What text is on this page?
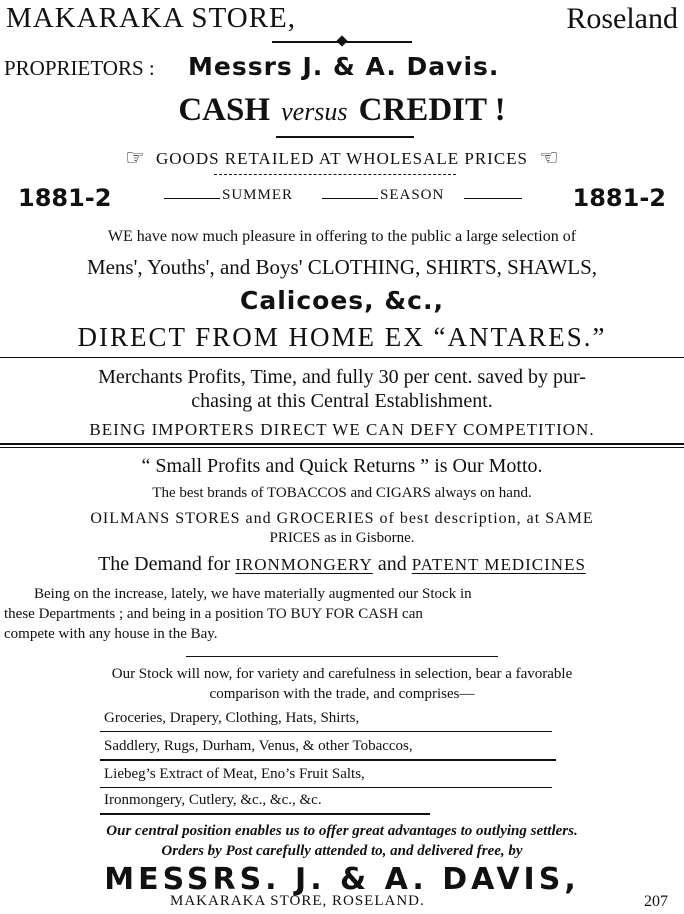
MAKARAKA STORE,	Roseland
PROPRIETORS : Messrs J. & A. Davis.
CASH versus CREDIT !
☞ GOODS RETAILED AT WHOLESALE PRICES ☜
1881-2	SUMMER	SEASON	1881-2
WE have now much pleasure in offering to the public a large selection of
Mens', Youths', and Boys' CLOTHING, SHIRTS, SHAWLS,
Calicoes, &c.,
DIRECT FROM HOME EX “ANTARES.”
Merchants Profits, Time, and fully 30 per cent. saved by pur-
chasing at this Central Establishment.
BEING IMPORTERS DIRECT WE CAN DEFY COMPETITION.
“ Small Profits and Quick Returns ” is Our Motto.
The best brands of TOBACCOS and CIGARS always on hand.
OILMANS STORES and GROCERIES of best description, at SAME
PRICES as in Gisborne.
The Demand for IRONMONGERY and PATENT MEDICINES
Being on the increase, lately, we have materially augmented our Stock in
these Departments ; and being in a position TO BUY FOR CASH can
compete with any house in the Bay.
Our Stock will now, for variety and carefulness in selection, bear a favorable
comparison with the trade, and comprises—
Groceries, Drapery, Clothing, Hats, Shirts,
Saddlery, Rugs, Durham, Venus, & other Tobaccos,
Liebeg’s Extract of Meat, Eno’s Fruit Salts,
Ironmongery, Cutlery, &c., &c., &c.
Our central position enables us to offer great advantages to outlying settlers.
Orders by Post carefully attended to, and delivered free, by
MESSRS. J. & A. DAVIS,
MAKARAKA STORE, ROSELAND.	207
